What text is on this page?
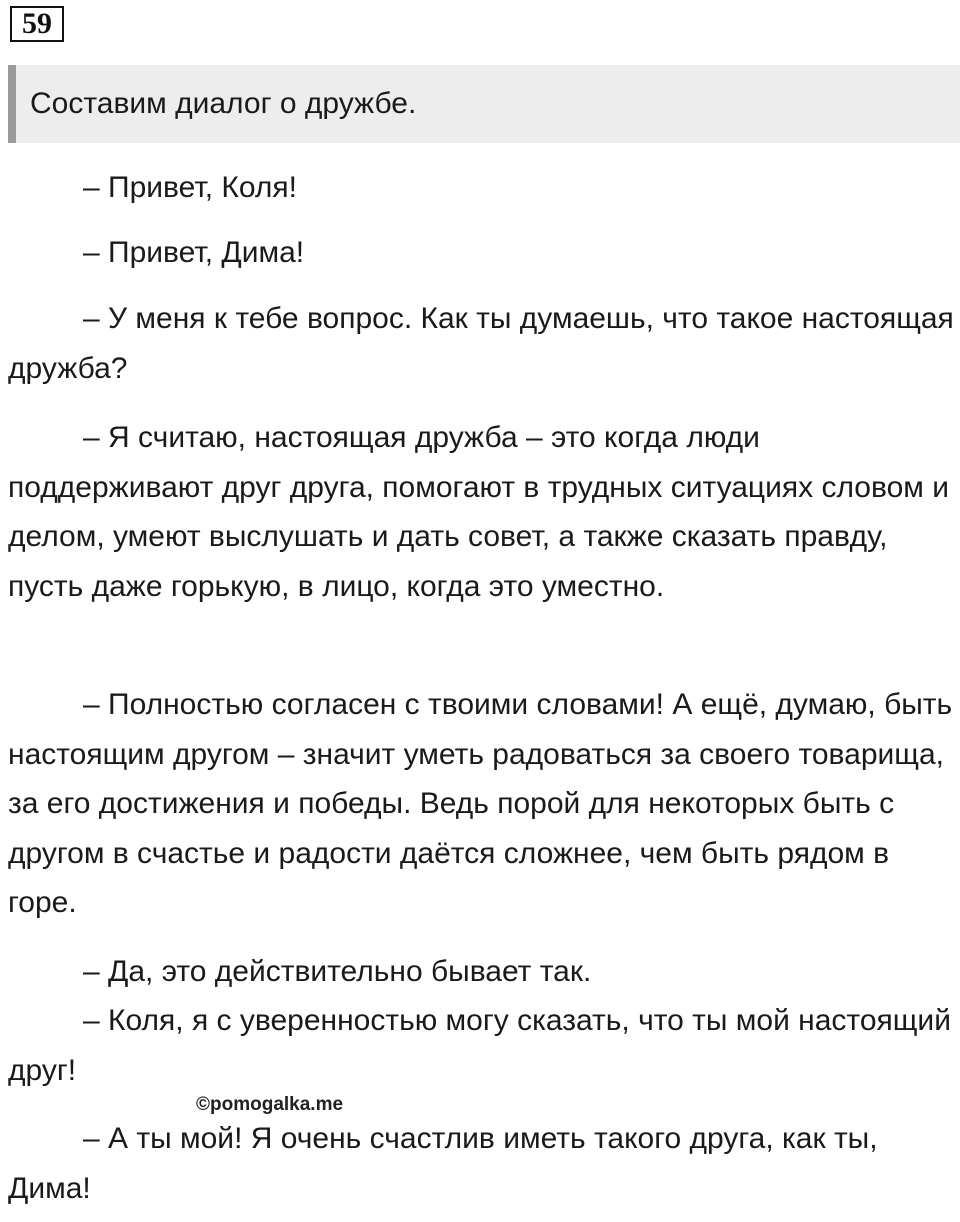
59
Составим диалог о дружбе.

– Привет, Коля!

– Привет, Дима!

– У меня к тебе вопрос. Как ты думаешь, что такое настоящая дружба?

– Я считаю, настоящая дружба – это когда люди поддерживают друг друга, помогают в трудных ситуациях словом и делом, умеют выслушать и дать совет, а также сказать правду, пусть даже горькую, в лицо, когда это уместно.

– Полностью согласен с твоими словами! А ещё, думаю, быть настоящим другом – значит уметь радоваться за своего товарища, за его достижения и победы. Ведь порой для некоторых быть с другом в счастье и радости даётся сложнее, чем быть рядом в горе.

– Да, это действительно бывает так.

– Коля, я с уверенностью могу сказать, что ты мой настоящий друг!

– А ты мой! Я очень счастлив иметь такого друга, как ты, Дима!

©pomogalka.me
